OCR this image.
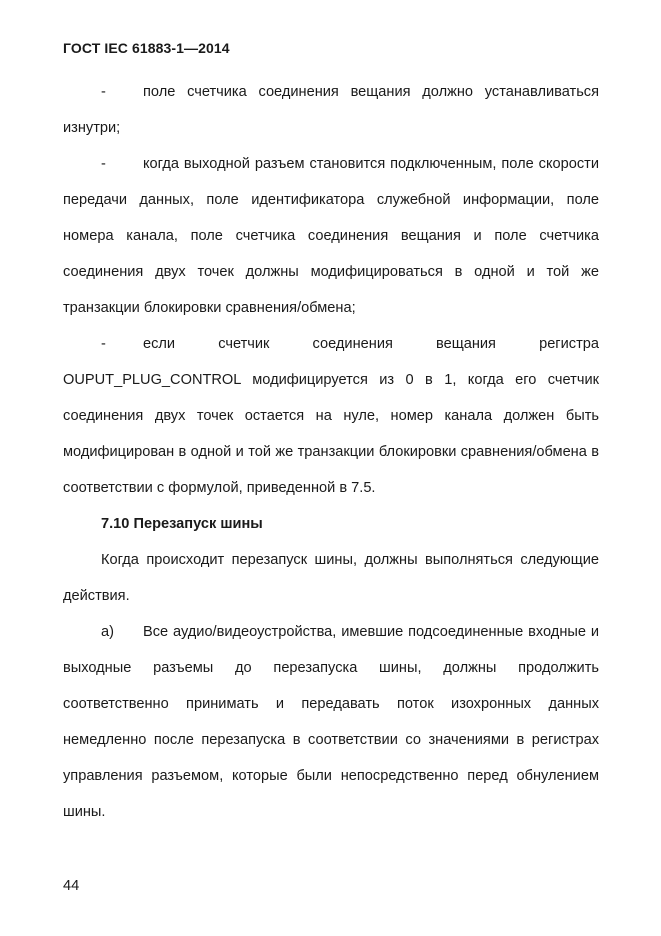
ГОСТ IEC 61883-1—2014

-	поле счетчика соединения вещания должно устанавливаться изнутри;

-	когда выходной разъем становится подключенным, поле скорости передачи данных, поле идентификатора служебной информации, поле номера канала, поле счетчика соединения вещания и поле счетчика соединения двух точек должны модифицироваться в одной и той же транзакции блокировки сравнения/обмена;

-	если счетчик соединения вещания регистра OUPUT_PLUG_CONTROL модифицируется из 0 в 1, когда его счетчик соединения двух точек остается на нуле, номер канала должен быть модифицирован в одной и той же транзакции блокировки сравнения/обмена в соответствии с формулой, приведенной в 7.5.

7.10 Перезапуск шины

Когда происходит перезапуск шины, должны выполняться следующие действия.

а) Все аудио/видеоустройства, имевшие подсоединенные входные и выходные разъемы до перезапуска шины, должны продолжить соответственно принимать и передавать поток изохронных данных немедленно после перезапуска в соответствии со значениями в регистрах управления разъемом, которые были непосредственно перед обнулением шины.

44
